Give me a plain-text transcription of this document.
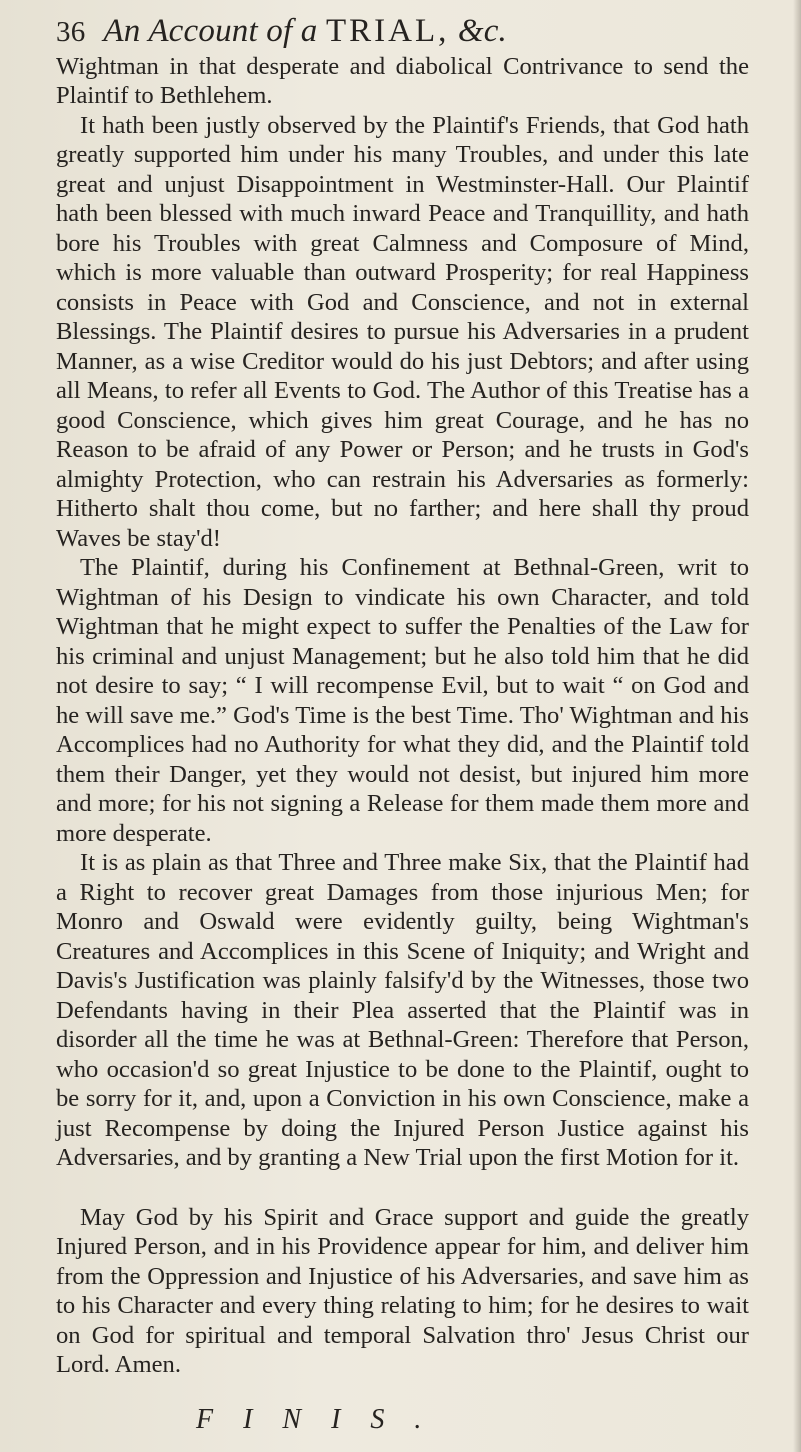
36 An Account of a TRIAL, &c.

Wightman in that desperate and diabolical Contrivance to send the Plaintif to Bethlehem.

It hath been justly observed by the Plaintif's Friends, that God hath greatly supported him under his many Troubles, and under this late great and unjust Disappointment in Westminster-Hall. Our Plaintif hath been blessed with much inward Peace and Tranquillity, and hath bore his Troubles with great Calmness and Composure of Mind, which is more valuable than outward Prosperity; for real Happiness consists in Peace with God and Conscience, and not in external Blessings. The Plaintif desires to pursue his Adversaries in a prudent Manner, as a wise Creditor would do his just Debtors; and after using all Means, to refer all Events to God. The Author of this Treatise has a good Conscience, which gives him great Courage, and he has no Reason to be afraid of any Power or Person; and he trusts in God's almighty Protection, who can restrain his Adversaries as formerly: Hitherto shalt thou come, but no farther; and here shall thy proud Waves be stay'd!

The Plaintif, during his Confinement at Bethnal-Green, writ to Wightman of his Design to vindicate his own Character, and told Wightman that he might expect to suffer the Penalties of the Law for his criminal and unjust Management; but he also told him that he did not desire to say; “ I will recompense Evil, but to wait “ on God and he will save me.” God's Time is the best Time. Tho' Wightman and his Accomplices had no Authority for what they did, and the Plaintif told them their Danger, yet they would not desist, but injured him more and more; for his not signing a Release for them made them more and more desperate.

It is as plain as that Three and Three make Six, that the Plaintif had a Right to recover great Damages from those injurious Men; for Monro and Oswald were evidently guilty, being Wightman's Creatures and Accomplices in this Scene of Iniquity; and Wright and Davis's Justification was plainly falsify'd by the Witnesses, those two Defendants having in their Plea asserted that the Plaintif was in disorder all the time he was at Bethnal-Green: Therefore that Person, who occasion'd so great Injustice to be done to the Plaintif, ought to be sorry for it, and, upon a Conviction in his own Conscience, make a just Recompense by doing the Injured Person Justice against his Adversaries, and by granting a New Trial upon the first Motion for it.

May God by his Spirit and Grace support and guide the greatly Injured Person, and in his Providence appear for him, and deliver him from the Oppression and Injustice of his Adversaries, and save him as to his Character and every thing relating to him; for he desires to wait on God for spiritual and temporal Salvation thro' Jesus Christ our Lord. Amen.

FINIS.
